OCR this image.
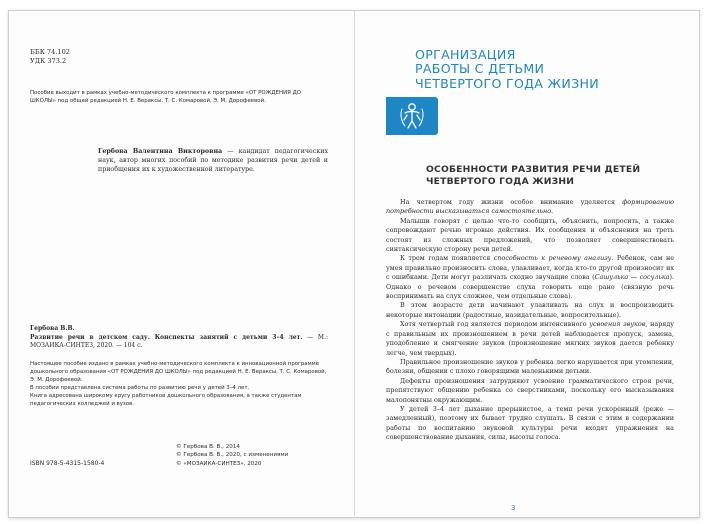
ББК 74.102
УДК 373.2
Пособие выходит в рамках учебно-методического комплекта к программе «ОТ РОЖДЕНИЯ ДО ШКОЛЫ» под общей редакцией Н. Е. Вераксы, Т. С. Комаровой, Э. М. Дорофеевой.
Гербова Валентина Викторовна — кандидат педагогических наук, автор многих пособий по методике развития речи детей и приобщения их к художественной литературе.
Гербова В.В.
Развитие речи в детском саду. Конспекты занятий с детьми 3–4 лет. — М.: МОЗАИКА-СИНТЕЗ, 2020. — 104 с.
Настоящее пособие издано в рамках учебно-методического комплекта к инновационной программе дошкольного образования «ОТ РОЖДЕНИЯ ДО ШКОЛЫ» под редакцией Н. Е. Вераксы, Т. С. Комаровой, Э. М. Дорофеевой.
В пособии представлена система работы по развитию речи у детей 3–4 лет.
Книга адресована широкому кругу работников дошкольного образования, а также студентам педагогических колледжей и вузов.
ISBN 978-5-4315-1580-4
© Гербова В. В., 2014
© Гербова В. В., 2020, с изменениями
© «МОЗАИКА-СИНТЕЗ», 2020
ОРГАНИЗАЦИЯ
РАБОТЫ С ДЕТЬМИ
ЧЕТВЕРТОГО ГОДА ЖИЗНИ
ОСОБЕННОСТИ РАЗВИТИЯ РЕЧИ ДЕТЕЙ
ЧЕТВЕРТОГО ГОДА ЖИЗНИ

На четвертом году жизни особое внимание уделяется формированию потребности высказываться самостоятельно.

Малыши говорят с целью что-то сообщить, объяснить, попросить, а также сопровождают речью игровые действия. Их сообщения и объяснения на треть состоят из сложных предложений, что позволяет совершенствовать синтаксическую сторону речи детей.

К трем годам появляется способность к речевому анализу. Ребенок, сам не умея правильно произносить слова, улавливает, когда кто-то другой произносит их с ошибками. Дети могут различать сходно звучащие слова (Сашулька — сосулька). Однако о речевом совершенстве слуха говорить еще рано (связную речь воспринимать на слух сложнее, чем отдельные слова).

В этом возрасте дети начинают улавливать на слух и воспроизводить некоторые интонации (радостные, назидательные, вопросительные).

Хотя четвертый год является периодом интенсивного усвоения звуков, наряду с правильным их произношением в речи детей наблюдается пропуск, замена, уподобление и смягчение звуков (произношение мягких звуков дается ребенку легче, чем твердых).

Правильное произношение звуков у ребенка легко нарушается при утомлении, болезни, общении с плохо говорящими маленькими детьми.

Дефекты произношения затрудняют усвоение грамматического строя речи, препятствуют общению ребенка со сверстниками, поскольку его высказывания малопонятны окружающим.

У детей 3–4 лет дыхание прерывистое, а темп речи ускоренный (реже — замедленный), поэтому их бывает трудно слушать. В связи с этим в содержании работы по воспитанию звуковой культуры речи входят упражнения на совершенствование дыхания, силы, высоты голоса.

3
